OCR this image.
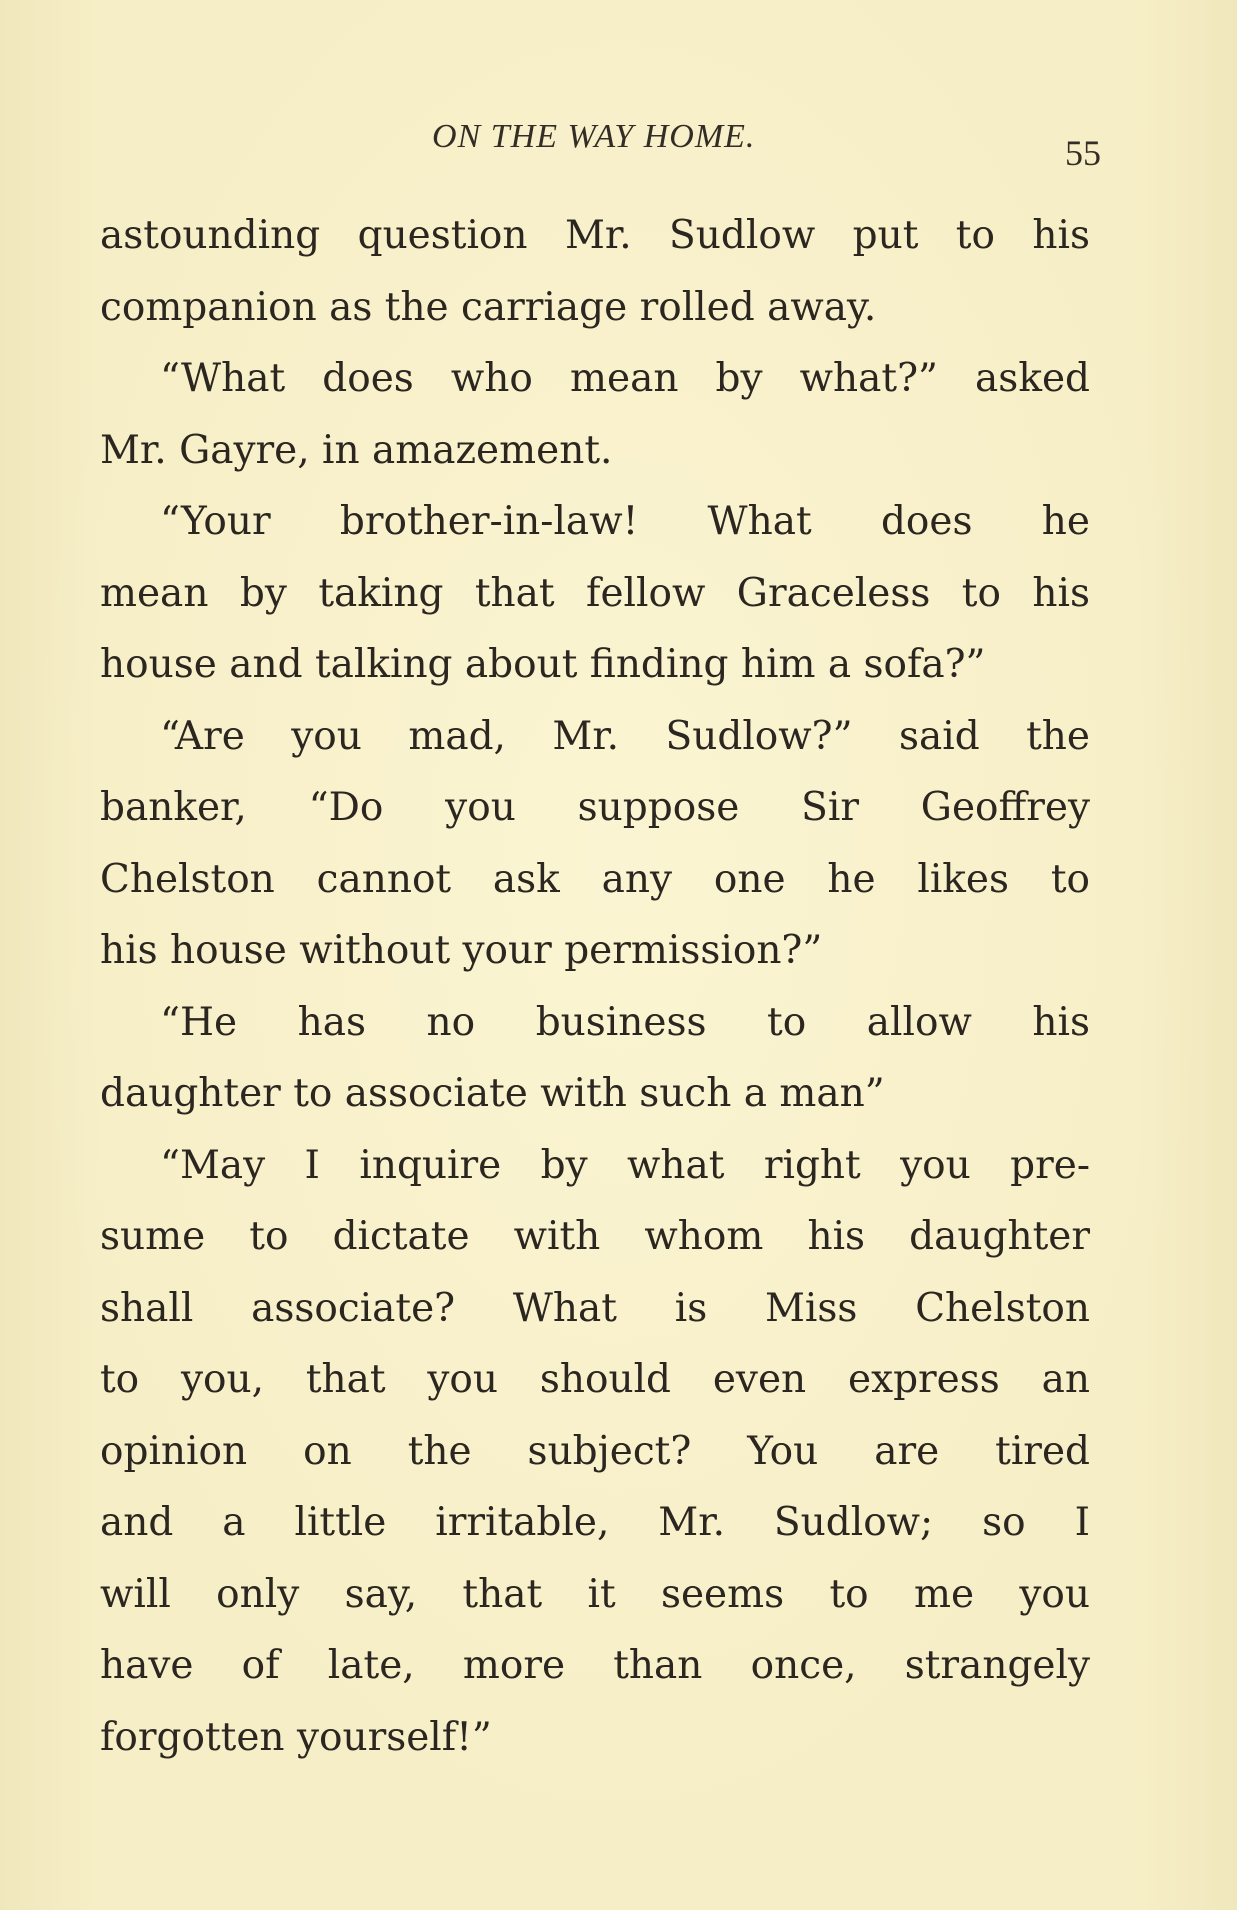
ON THE WAY HOME.	55
astounding question Mr. Sudlow put to his
companion as the carriage rolled away.
“What does who mean by what?” asked
Mr. Gayre, in amazement.
“Your brother-in-law! What does he
mean by taking that fellow Graceless to his
house and talking about finding him a sofa?”
“Are you mad, Mr. Sudlow?” said the
banker, “Do you suppose Sir Geoffrey
Chelston cannot ask any one he likes to
his house without your permission?”
“He has no business to allow his
daughter to associate with such a man”
“May I inquire by what right you pre-
sume to dictate with whom his daughter
shall associate? What is Miss Chelston
to you, that you should even express an
opinion on the subject? You are tired
and a little irritable, Mr. Sudlow; so I
will only say, that it seems to me you
have of late, more than once, strangely
forgotten yourself!”
